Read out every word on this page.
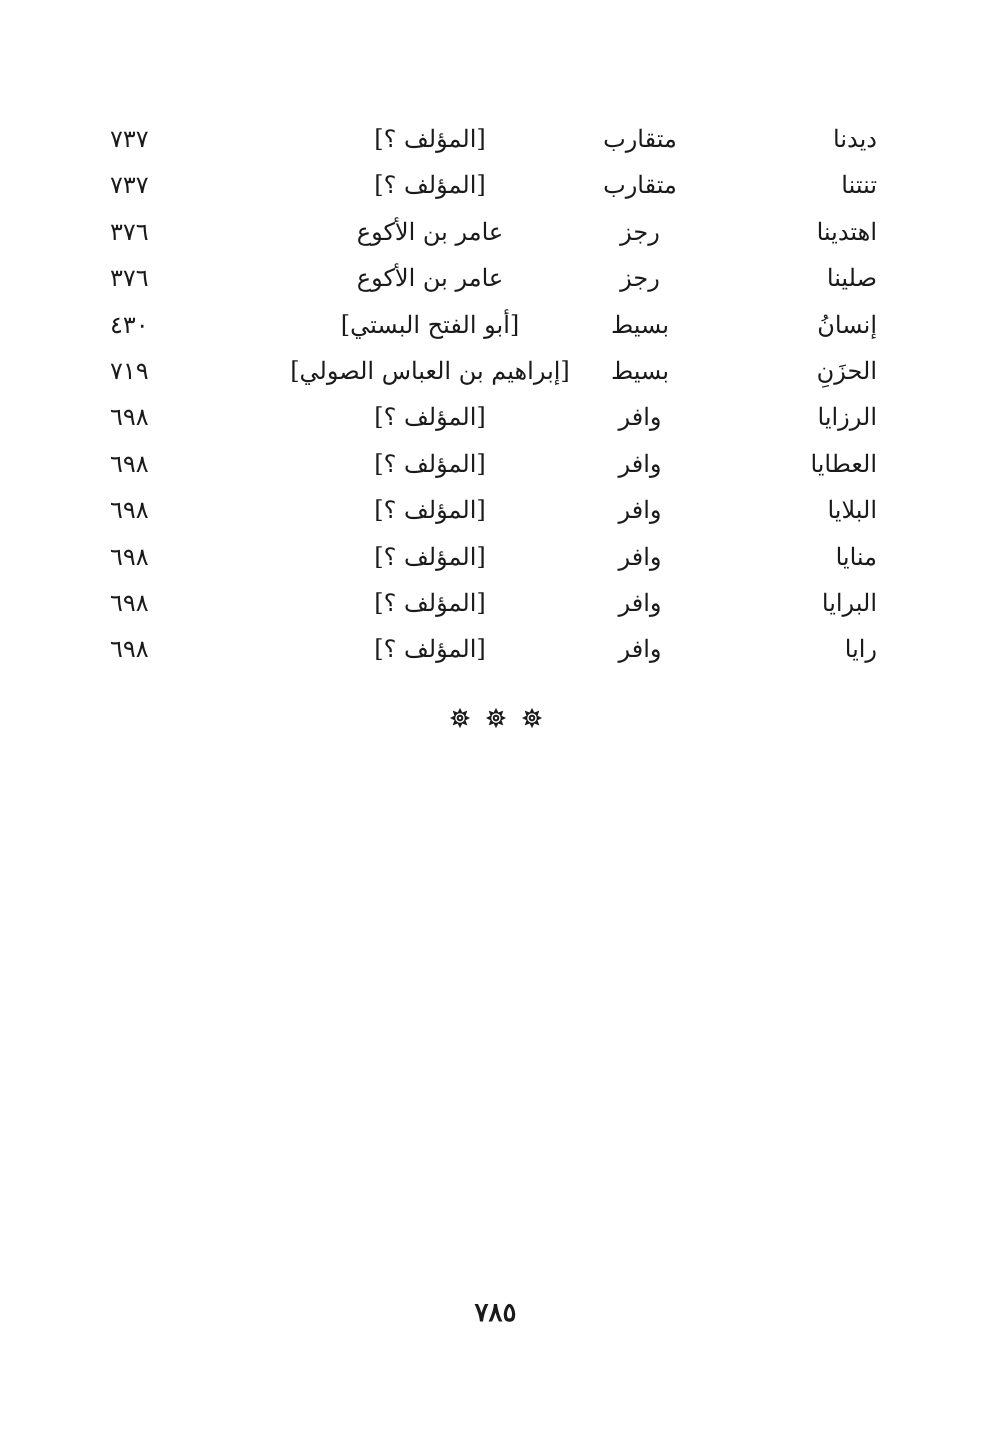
ديدنا
متقارب
[المؤلف ؟]
٧٣٧
تنتنا
متقارب
[المؤلف ؟]
٧٣٧
اهتدينا
رجز
عامر بن الأكوع
٣٧٦
صلينا
رجز
عامر بن الأكوع
٣٧٦
إنسانُ
بسيط
[أبو الفتح البستي]
٤٣٠
الحزَنِ
بسيط
[إبراهيم بن العباس الصولي]
٧١٩
الرزايا
وافر
[المؤلف ؟]
٦٩٨
العطايا
وافر
[المؤلف ؟]
٦٩٨
البلايا
وافر
[المؤلف ؟]
٦٩٨
منايا
وافر
[المؤلف ؟]
٦٩٨
البرايا
وافر
[المؤلف ؟]
٦٩٨
رايا
وافر
[المؤلف ؟]
٦٩٨
٧٨٥
